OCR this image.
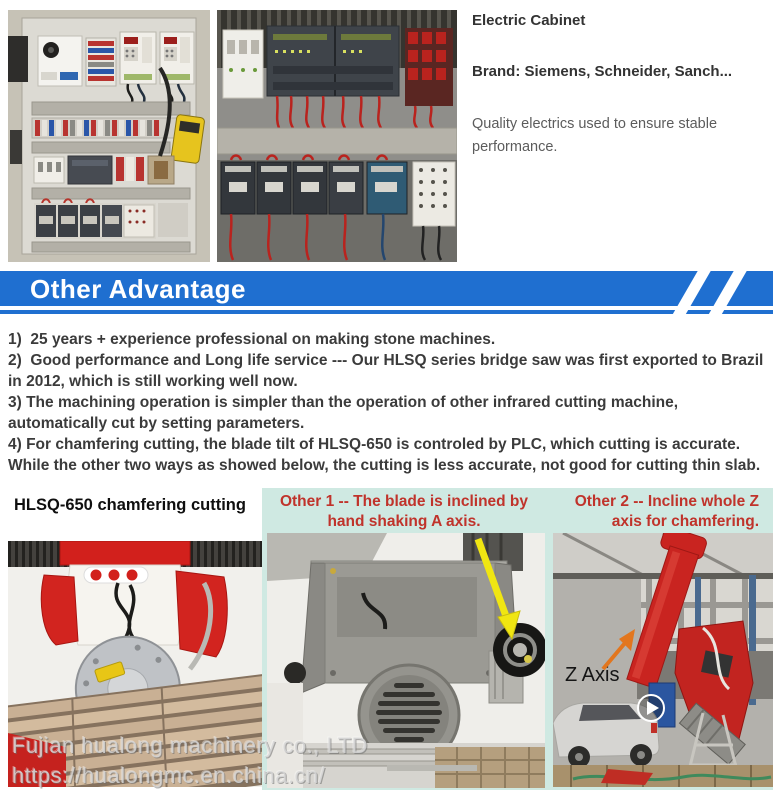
Electric Cabinet

Brand: Siemens, Schneider, Sanch...

Quality electrics used to ensure stable performance.

Other Advantage

1)  25 years + experience professional on making stone machines.

2)  Good performance and Long life service --- Our HLSQ series bridge saw was first exported to Brazil in 2012, which is still working well now.

3) The machining operation is simpler than the operation of other infrared cutting machine, automatically cut by setting parameters.

4) For chamfering cutting, the blade tilt of HLSQ-650 is controled by PLC, which cutting is accurate. While the other two ways as showed below, the cutting is less accurate, not good for cutting thin slab.

HLSQ-650 chamfering cutting	Other 1 -- The blade is inclined by hand shaking A axis.
Other 2 -- Incline whole Z axis for chamfering.
Z Axis
Fujian hualong machinery co., LTD
https://hualongmc.en.china.cn/
